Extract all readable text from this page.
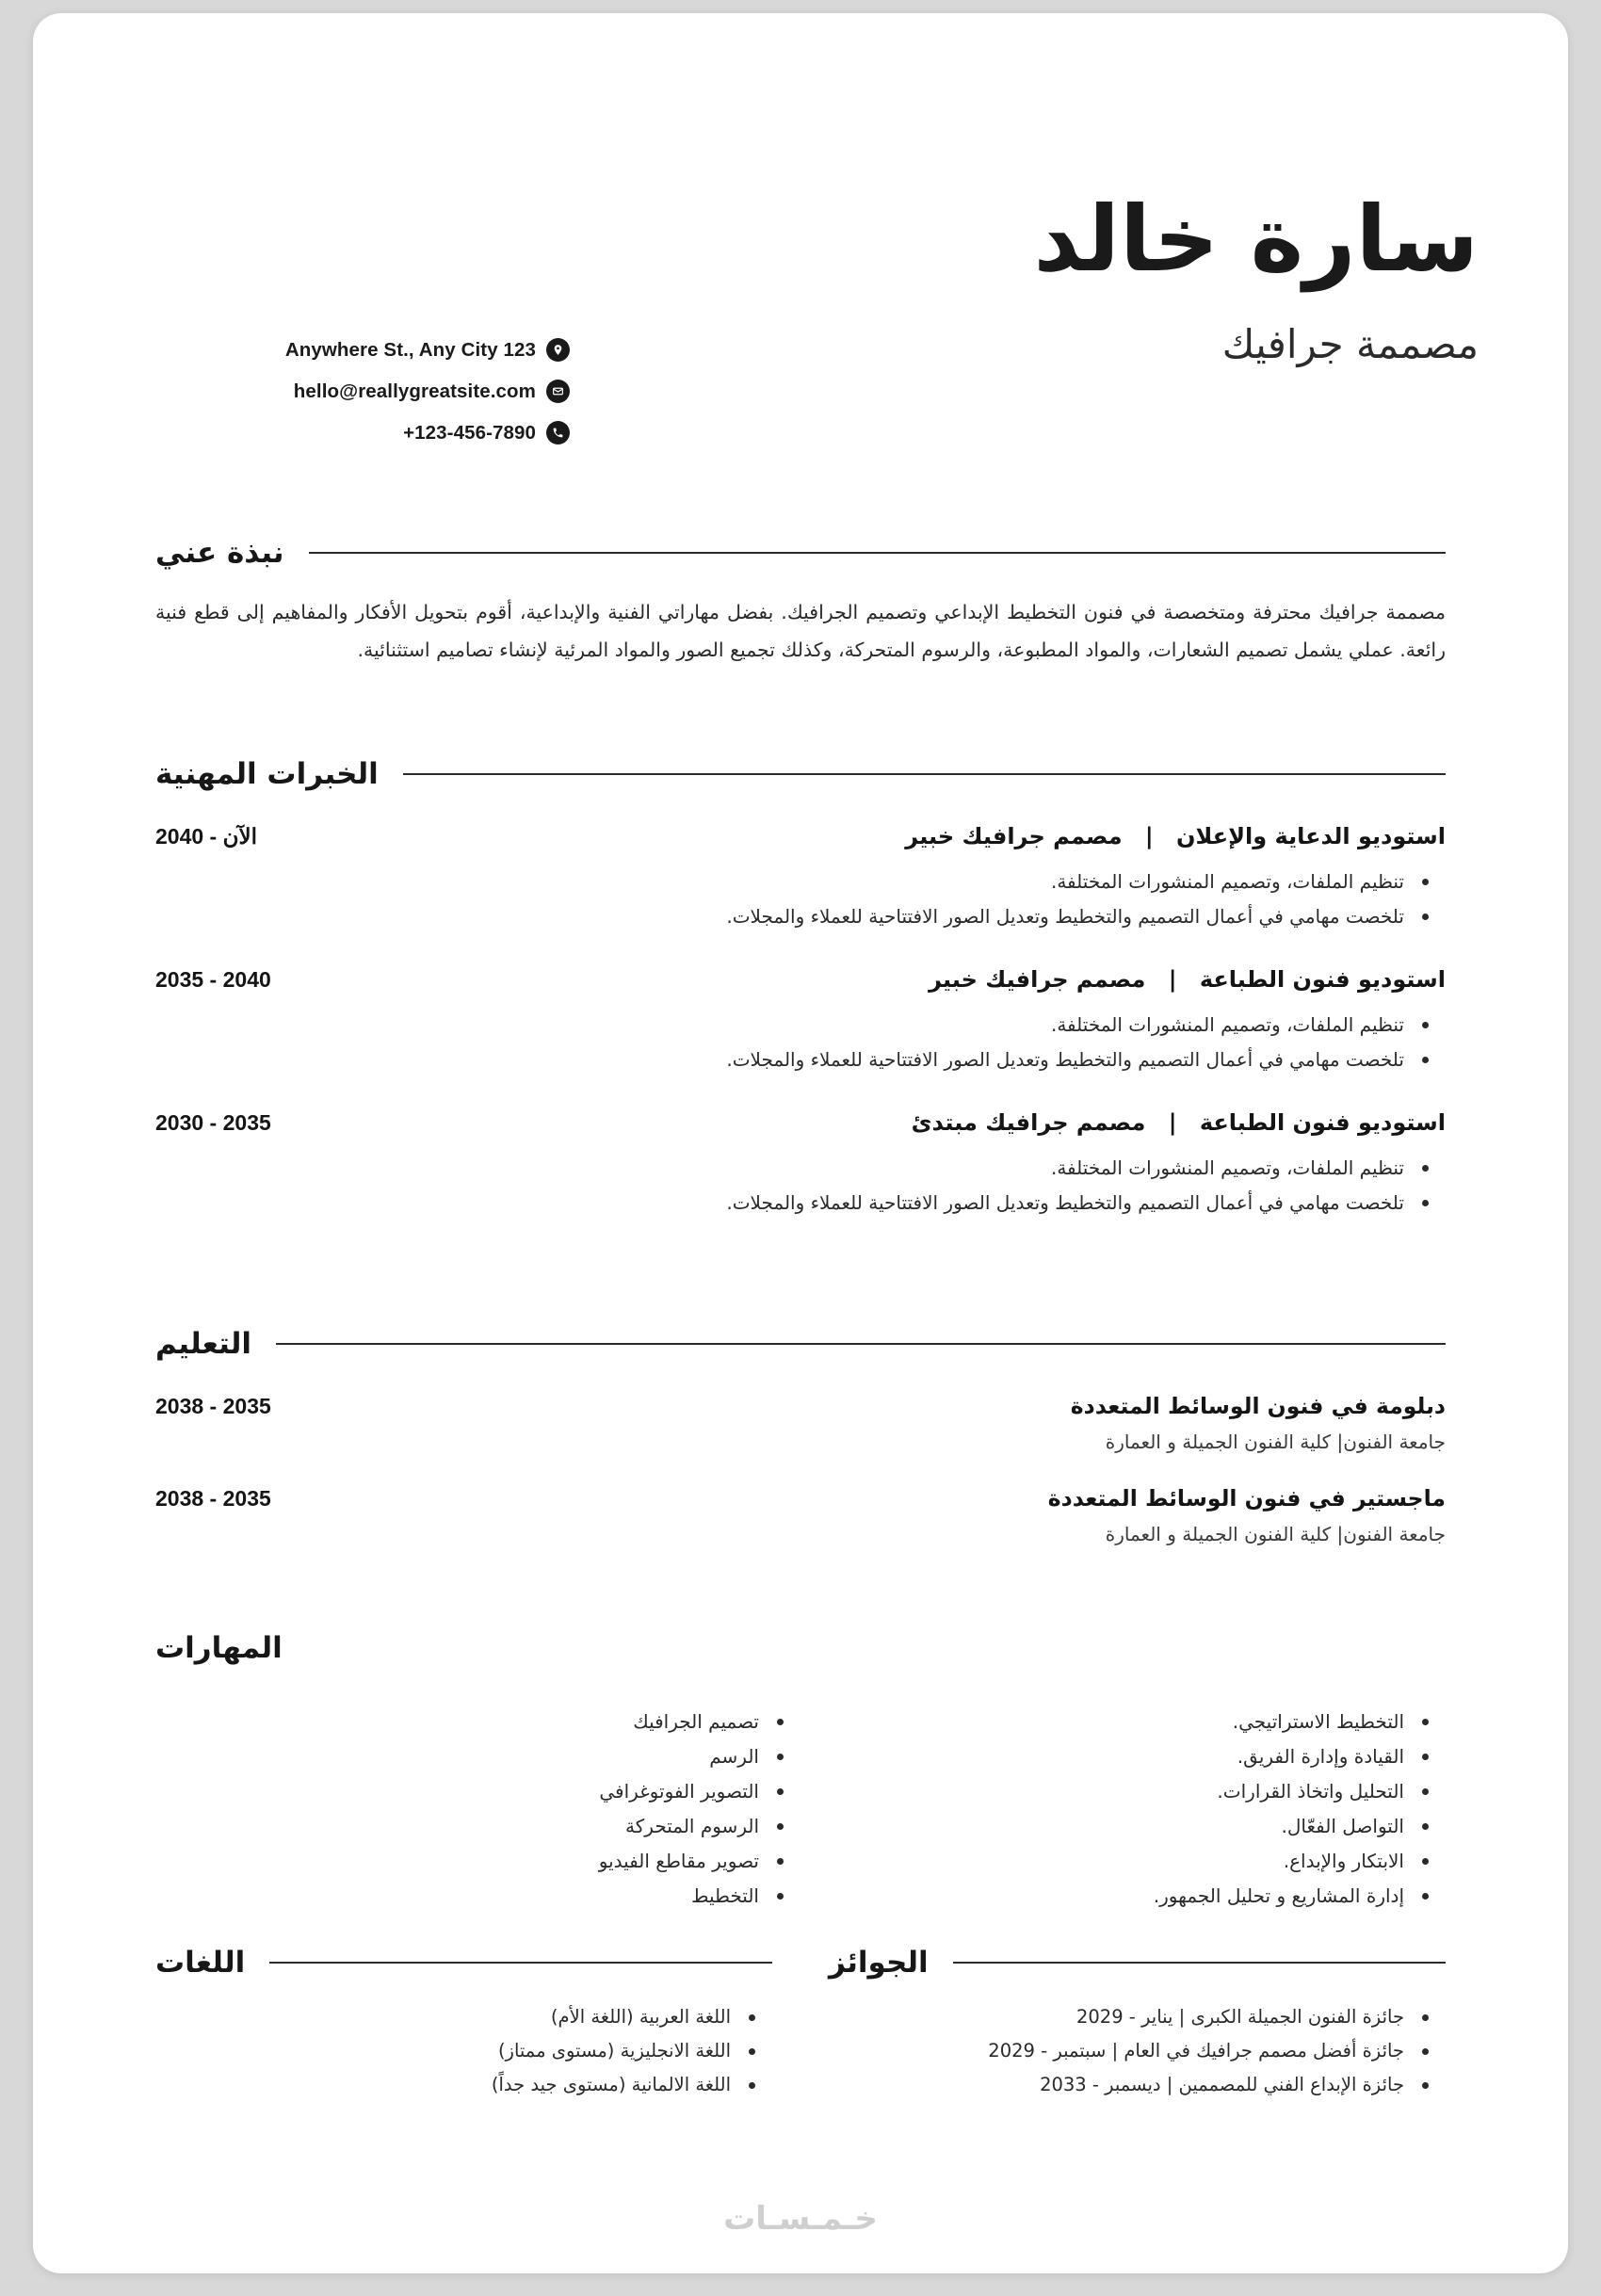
سارة خالد
مصممة جرافيك
Anywhere St., Any City 123
hello@reallygreatsite.com
+123-456-7890
نبذة عني
مصممة جرافيك محترفة ومتخصصة في فنون التخطيط الإبداعي وتصميم الجرافيك. بفضل مهاراتي الفنية والإبداعية، أقوم بتحويل الأفكار والمفاهيم إلى قطع فنية رائعة. عملي يشمل تصميم الشعارات، والمواد المطبوعة، والرسوم المتحركة، وكذلك تجميع الصور والمواد المرئية لإنشاء تصاميم استثنائية.
الخبرات المهنية
استوديو الدعاية والإعلان | مصمم جرافيك خبير
2040 - الآن
تنظيم الملفات، وتصميم المنشورات المختلفة.
تلخصت مهامي في أعمال التصميم والتخطيط وتعديل الصور الافتتاحية للعملاء والمجلات.
استوديو فنون الطباعة | مصمم جرافيك خبير
2035 - 2040
تنظيم الملفات، وتصميم المنشورات المختلفة.
تلخصت مهامي في أعمال التصميم والتخطيط وتعديل الصور الافتتاحية للعملاء والمجلات.
استوديو فنون الطباعة | مصمم جرافيك مبتدئ
2030 - 2035
تنظيم الملفات، وتصميم المنشورات المختلفة.
تلخصت مهامي في أعمال التصميم والتخطيط وتعديل الصور الافتتاحية للعملاء والمجلات.
التعليم
دبلومة في فنون الوسائط المتعددة
2038 - 2035
جامعة الفنون| كلية الفنون الجميلة و العمارة
ماجستير في فنون الوسائط المتعددة
2038 - 2035
جامعة الفنون| كلية الفنون الجميلة و العمارة
المهارات
التخطيط الاستراتيجي.
القيادة وإدارة الفريق.
التحليل واتخاذ القرارات.
التواصل الفعّال.
الابتكار والإبداع.
إدارة المشاريع و تحليل الجمهور.
تصميم الجرافيك
الرسم
التصوير الفوتوغرافي
الرسوم المتحركة
تصوير مقاطع الفيديو
التخطيط
الجوائز
جائزة الفنون الجميلة الكبرى | يناير - 2029
جائزة أفضل مصمم جرافيك في العام | سبتمبر - 2029
جائزة الإبداع الفني للمصممين | ديسمبر - 2033
اللغات
اللغة العربية (اللغة الأم)
اللغة الانجليزية (مستوى ممتاز)
اللغة الالمانية (مستوى جيد جداً)
خـمـسـات
